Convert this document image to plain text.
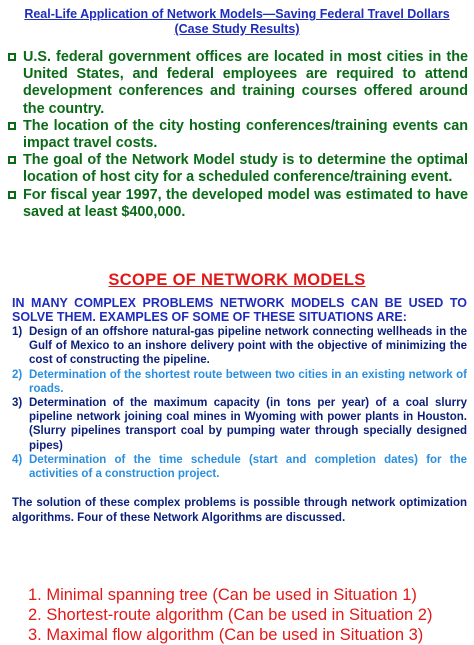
Real-Life Application of Network Models—Saving Federal Travel Dollars
(Case Study Results)
U.S. federal government offices are located in most cities in the United States, and federal employees are required to attend development conferences and training courses offered around the country.
The location of the city hosting conferences/training events can impact travel costs.
The goal of the Network Model study is to determine the optimal location of host city for a scheduled conference/training event.
For fiscal year 1997, the developed model was estimated to have saved at least $400,000.
SCOPE OF NETWORK MODELS
IN MANY COMPLEX PROBLEMS NETWORK MODELS CAN BE USED TO SOLVE THEM. EXAMPLES OF SOME OF THESE SITUATIONS ARE:
1) Design of an offshore natural-gas pipeline network connecting wellheads in the Gulf of Mexico to an inshore delivery point with the objective of minimizing the cost of constructing the pipeline.
2) Determination of the shortest route between two cities in an existing network of roads.
3) Determination of the maximum capacity (in tons per year) of a coal slurry pipeline network joining coal mines in Wyoming with power plants in Houston. (Slurry pipelines transport coal by pumping water through specially designed pipes)
4) Determination of the time schedule (start and completion dates) for the activities of a construction project.
The solution of these complex problems is possible through network optimization algorithms. Four of these Network Algorithms are discussed.
1. Minimal spanning tree (Can be used in Situation 1)
2. Shortest-route algorithm (Can be used in Situation 2)
3. Maximal flow algorithm (Can be used in Situation 3)
